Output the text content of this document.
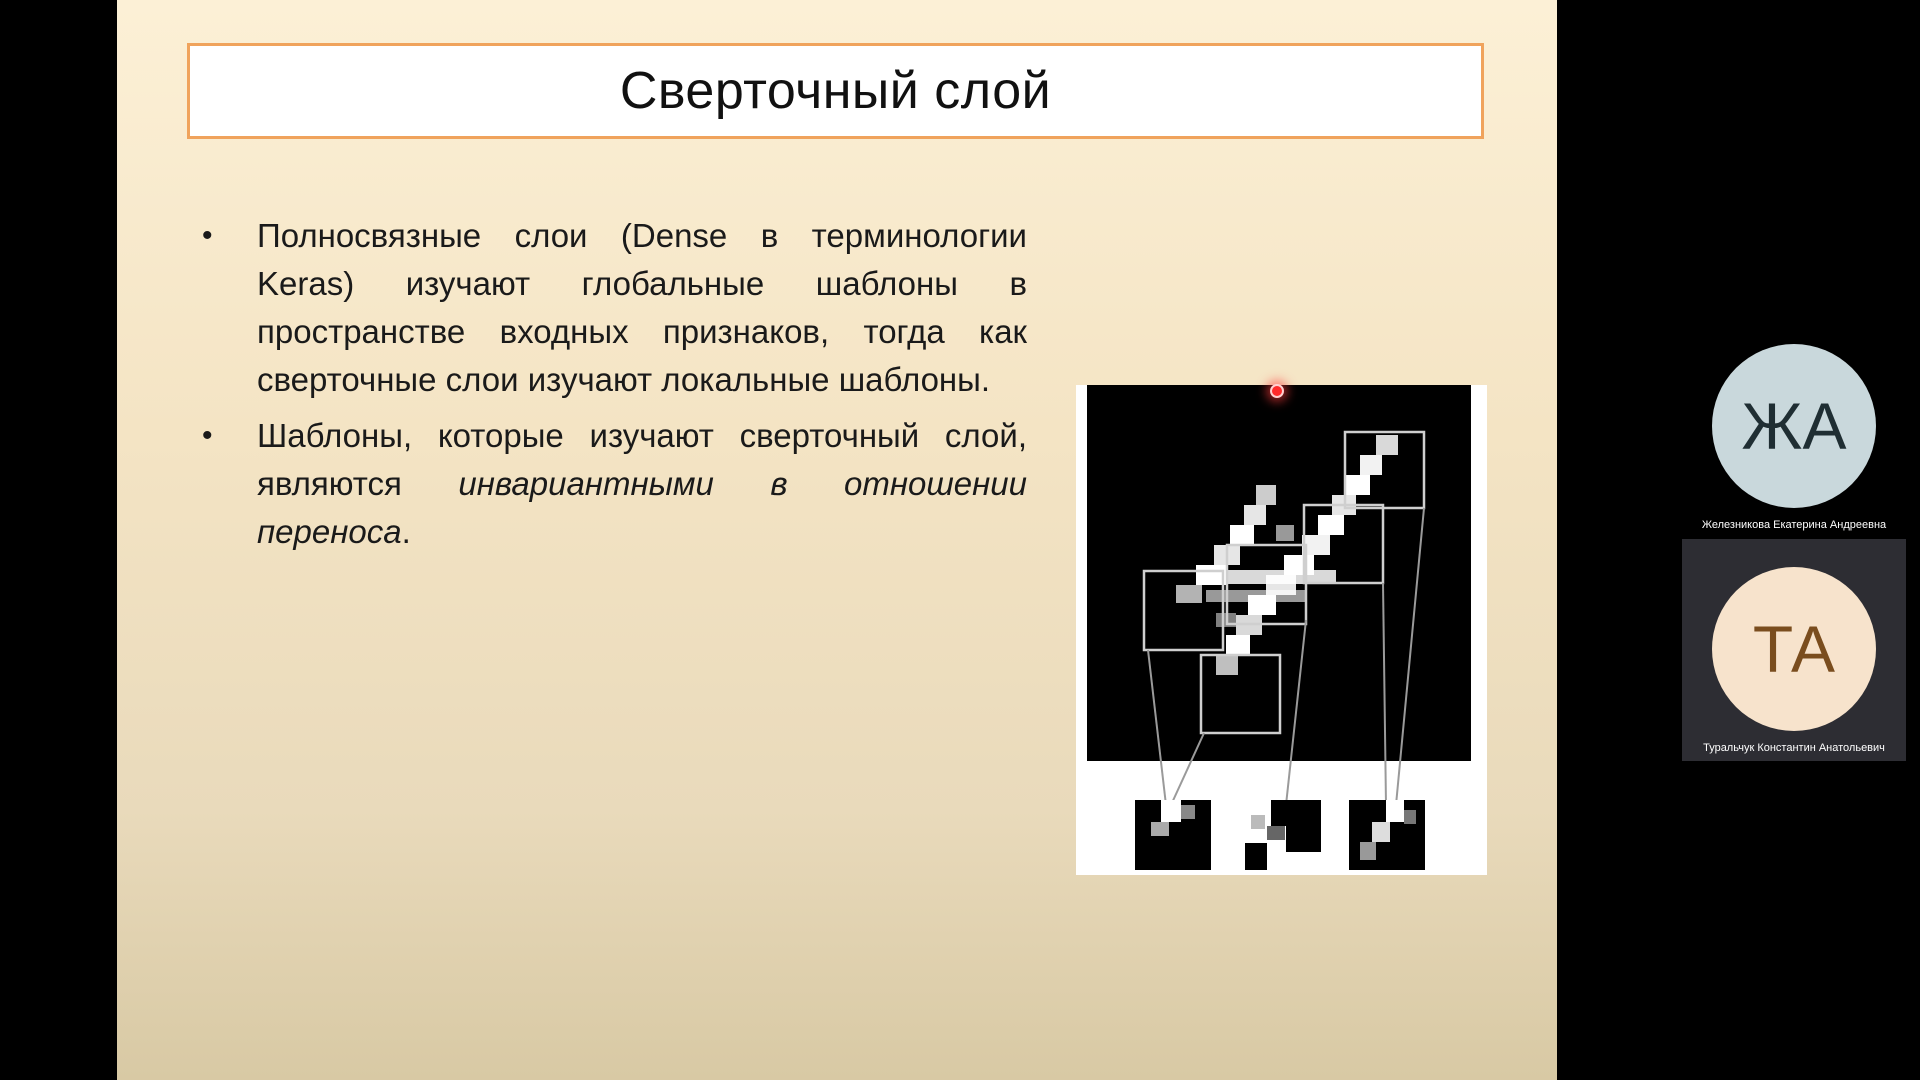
Сверточный слой
• Полносвязные слои (Dense в терминологии Keras) изучают глобальные шаблоны в пространстве входных признаков, тогда как сверточные слои изучают локальные шаблоны.
• Шаблоны, которые изучают сверточный слой, являются инвариантными в отношении переноса.
ЖА
Железникова Екатерина Андреевна
ТА
Туральчук Константин Анатольевич
